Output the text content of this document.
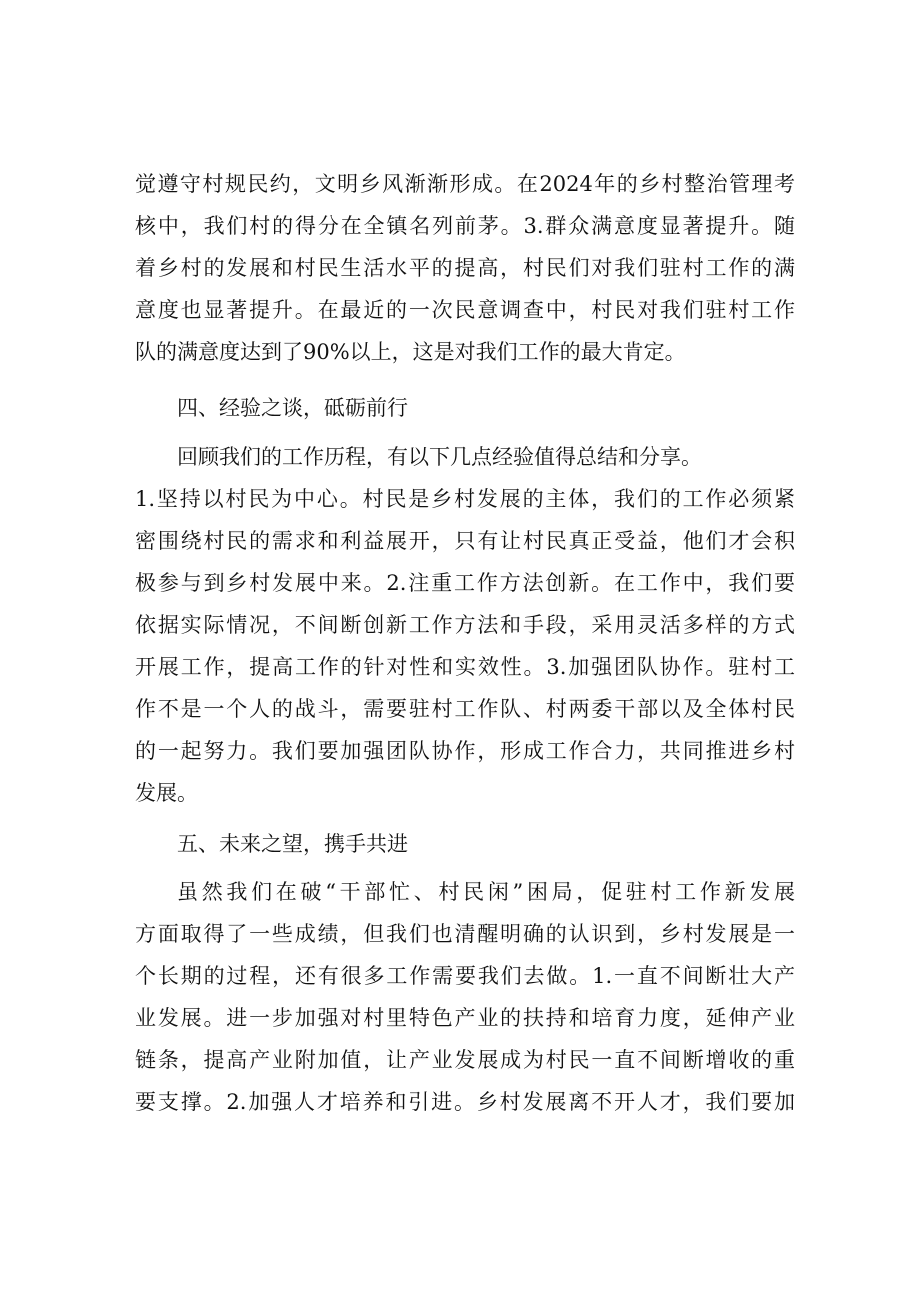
觉遵守村规民约，文明乡风渐渐形成。在2024年的乡村整治管理考
核中，我们村的得分在全镇名列前茅。3.群众满意度显著提升。随
着乡村的发展和村民生活水平的提高，村民们对我们驻村工作的满
意度也显著提升。在最近的一次民意调查中，村民对我们驻村工作
队的满意度达到了90%以上，这是对我们工作的最大肯定。
四、经验之谈，砥砺前行
回顾我们的工作历程，有以下几点经验值得总结和分享。
1.坚持以村民为中心。村民是乡村发展的主体，我们的工作必须紧
密围绕村民的需求和利益展开，只有让村民真正受益，他们才会积
极参与到乡村发展中来。2.注重工作方法创新。在工作中，我们要
依据实际情况，不间断创新工作方法和手段，采用灵活多样的方式
开展工作，提高工作的针对性和实效性。3.加强团队协作。驻村工
作不是一个人的战斗，需要驻村工作队、村两委干部以及全体村民
的一起努力。我们要加强团队协作，形成工作合力，共同推进乡村
发展。
五、未来之望，携手共进
虽然我们在破“干部忙、村民闲”困局，促驻村工作新发展
方面取得了一些成绩，但我们也清醒明确的认识到，乡村发展是一
个长期的过程，还有很多工作需要我们去做。1.一直不间断壮大产
业发展。进一步加强对村里特色产业的扶持和培育力度，延伸产业
链条，提高产业附加值，让产业发展成为村民一直不间断增收的重
要支撑。2.加强人才培养和引进。乡村发展离不开人才，我们要加
